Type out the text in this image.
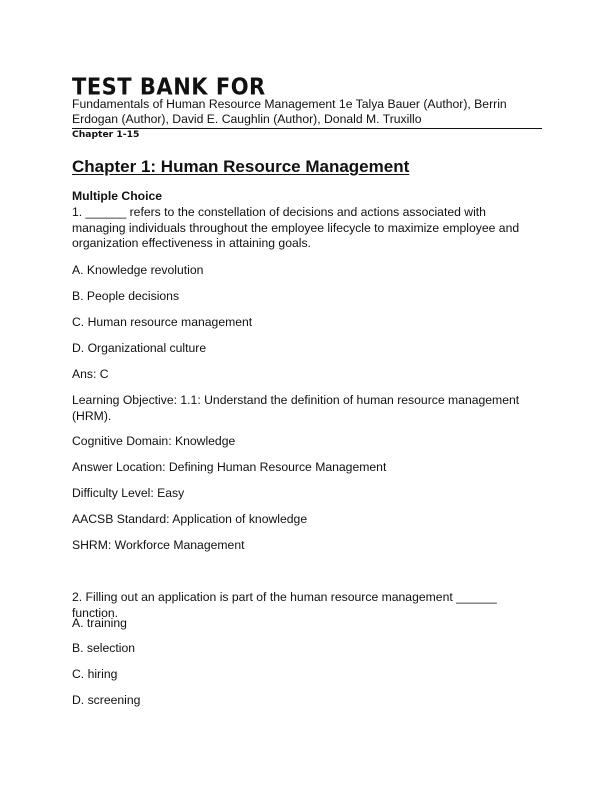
TEST BANK FOR
Fundamentals of Human Resource Management 1e Talya Bauer (Author), Berrin Erdogan (Author), David E. Caughlin (Author), Donald M. Truxillo
Chapter 1-15
Chapter 1: Human Resource Management
Multiple Choice
1. ______ refers to the constellation of decisions and actions associated with managing individuals throughout the employee lifecycle to maximize employee and organization effectiveness in attaining goals.
A. Knowledge revolution
B. People decisions
C. Human resource management
D. Organizational culture
Ans: C
Learning Objective: 1.1: Understand the definition of human resource management (HRM).
Cognitive Domain: Knowledge
Answer Location: Defining Human Resource Management
Difficulty Level: Easy
AACSB Standard: Application of knowledge
SHRM: Workforce Management
2. Filling out an application is part of the human resource management ______ function.
A. training
B. selection
C. hiring
D. screening
